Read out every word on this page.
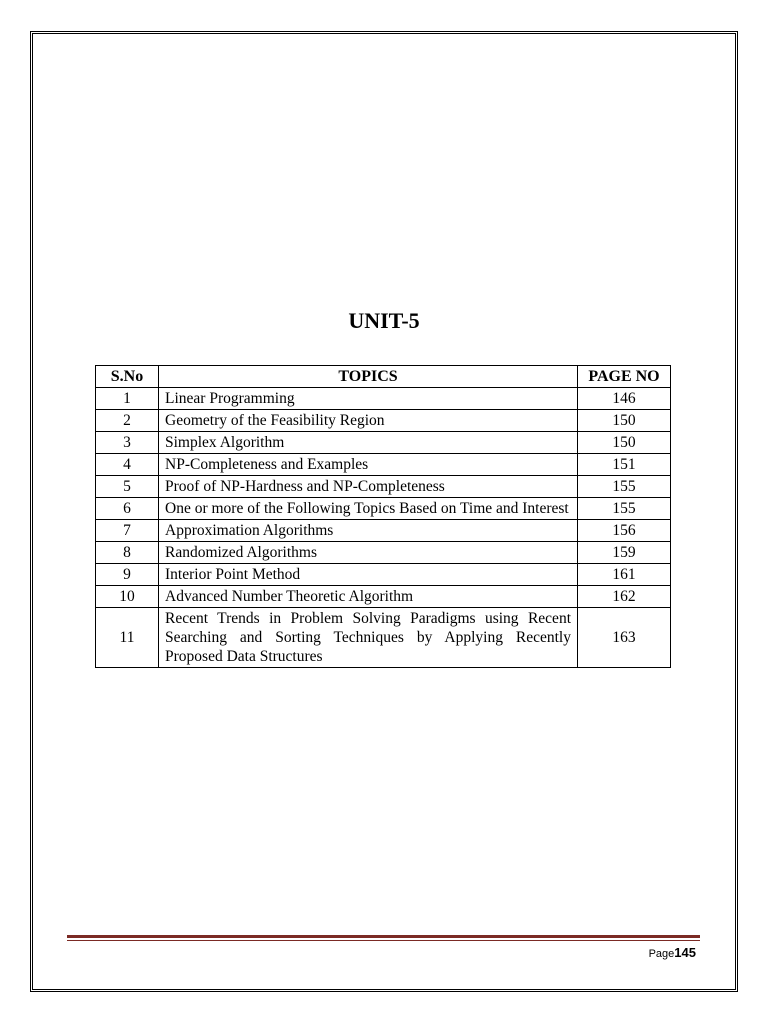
UNIT-5
S.No	TOPICS	PAGE NO
1	Linear Programming	146
2	Geometry of the Feasibility Region	150
3	Simplex Algorithm	150
4	NP-Completeness and Examples	151
5	Proof of NP-Hardness and NP-Completeness	155
6	One or more of the Following Topics Based on Time and Interest	155
7	Approximation Algorithms	156
8	Randomized Algorithms	159
9	Interior Point Method	161
10	Advanced Number Theoretic Algorithm	162
11	Recent Trends in Problem Solving Paradigms using Recent Searching and Sorting Techniques by Applying Recently Proposed Data Structures	163
Page145
